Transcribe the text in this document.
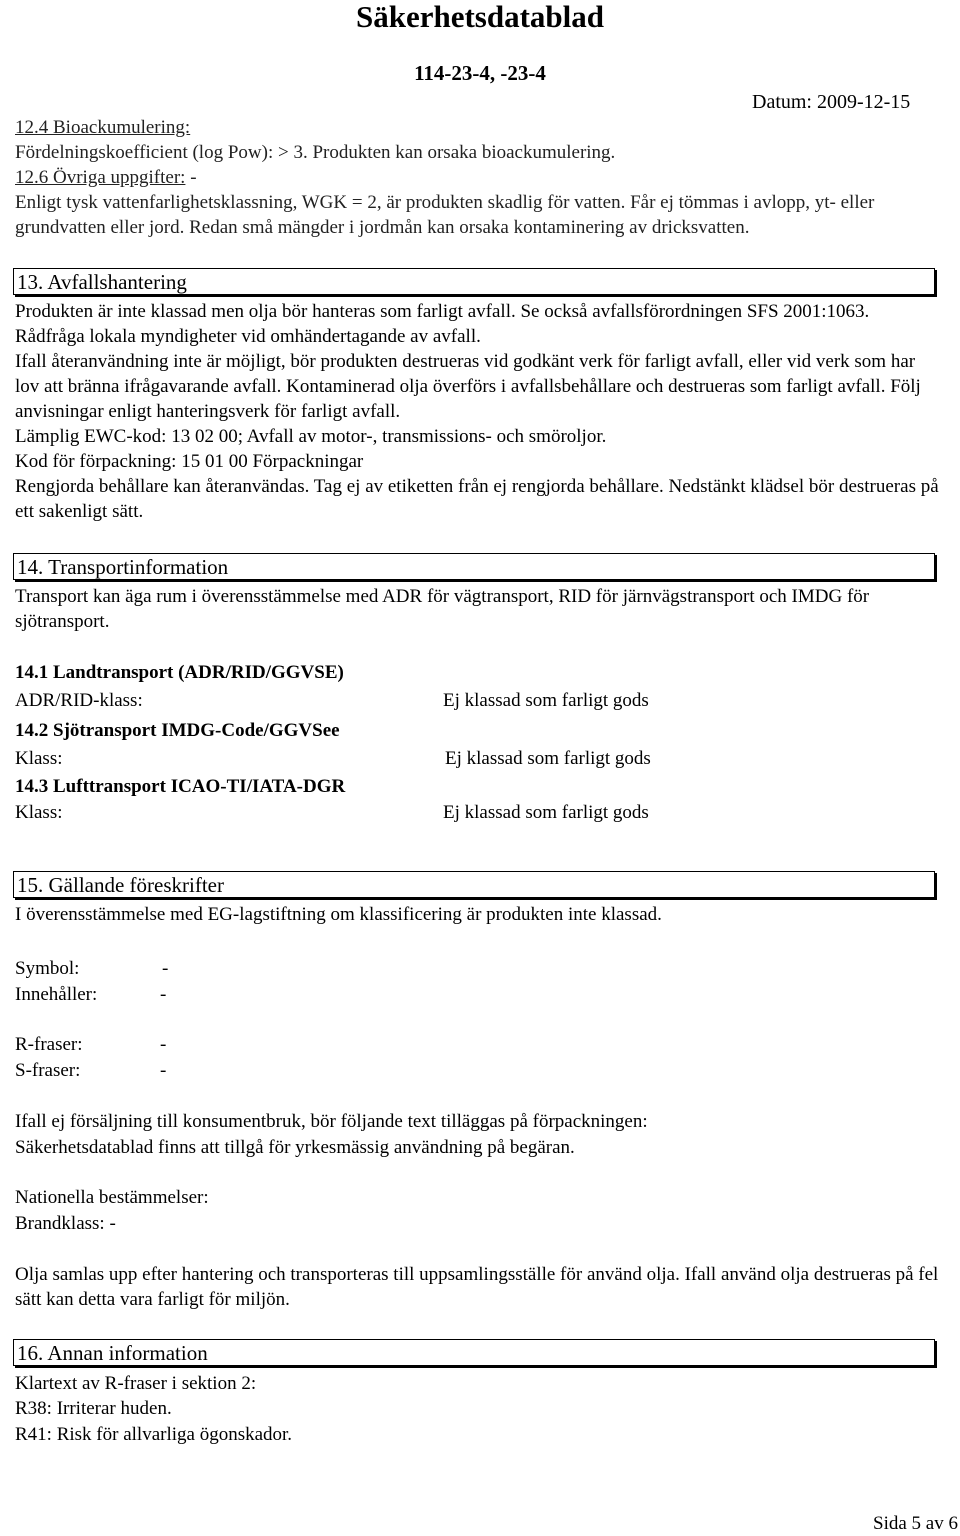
Säkerhetsdatablad
114-23-4, -23-4
Datum: 2009-12-15

12.4 Bioackumulering:

Fördelningskoefficient (log Pow): > 3. Produkten kan orsaka bioackumulering.

12.6 Övriga uppgifter: -

Enligt tysk vattenfarlighetsklassning, WGK = 2, är produkten skadlig för vatten. Får ej tömmas i avlopp, yt- eller grundvatten eller jord. Redan små mängder i jordmån kan orsaka kontaminering av dricksvatten.

13. Avfallshantering

Produkten är inte klassad men olja bör hanteras som farligt avfall. Se också avfallsförordningen SFS 2001:1063. Rådfråga lokala myndigheter vid omhändertagande av avfall.

Ifall återanvändning inte är möjligt, bör produkten destrueras vid godkänt verk för farligt avfall, eller vid verk som har lov att bränna ifrågavarande avfall. Kontaminerad olja överförs i avfallsbehållare och destrueras som farligt avfall. Följ anvisningar enligt hanteringsverk för farligt avfall.

Lämplig EWC-kod: 13 02 00; Avfall av motor-, transmissions- och smöroljor.

Kod för förpackning: 15 01 00 Förpackningar

Rengjorda behållare kan återanvändas. Tag ej av etiketten från ej rengjorda behållare. Nedstänkt klädsel bör destrueras på ett sakenligt sätt.

14. Transportinformation
Transport kan äga rum i överensstämmelse med ADR för vägtransport, RID för järnvägstransport och IMDG för sjötransport.
14.1 Landtransport (ADR/RID/GGVSE)
ADR/RID-klass:	Ej klassad som farligt gods
14.2 Sjötransport IMDG-Code/GGVSee
Klass:	Ej klassad som farligt gods
14.3 Lufttransport ICAO-TI/IATA-DGR
Klass:	Ej klassad som farligt gods
15. Gällande föreskrifter
I överensstämmelse med EG-lagstiftning om klassificering är produkten inte klassad.
Symbol:	-
Innehåller:	-
R-fraser:	-
S-fraser:	-
Ifall ej försäljning till konsumentbruk, bör följande text tilläggas på förpackningen:
Säkerhetsdatablad finns att tillgå för yrkesmässig användning på begäran.
Nationella bestämmelser:
Brandklass: -
Olja samlas upp efter hantering och transporteras till uppsamlingsställe för använd olja. Ifall använd olja destrueras på fel sätt kan detta vara farligt för miljön.
16. Annan information
Klartext av R-fraser i sektion 2:
R38: Irriterar huden.
R41: Risk för allvarliga ögonskador.
Sida 5 av 6
